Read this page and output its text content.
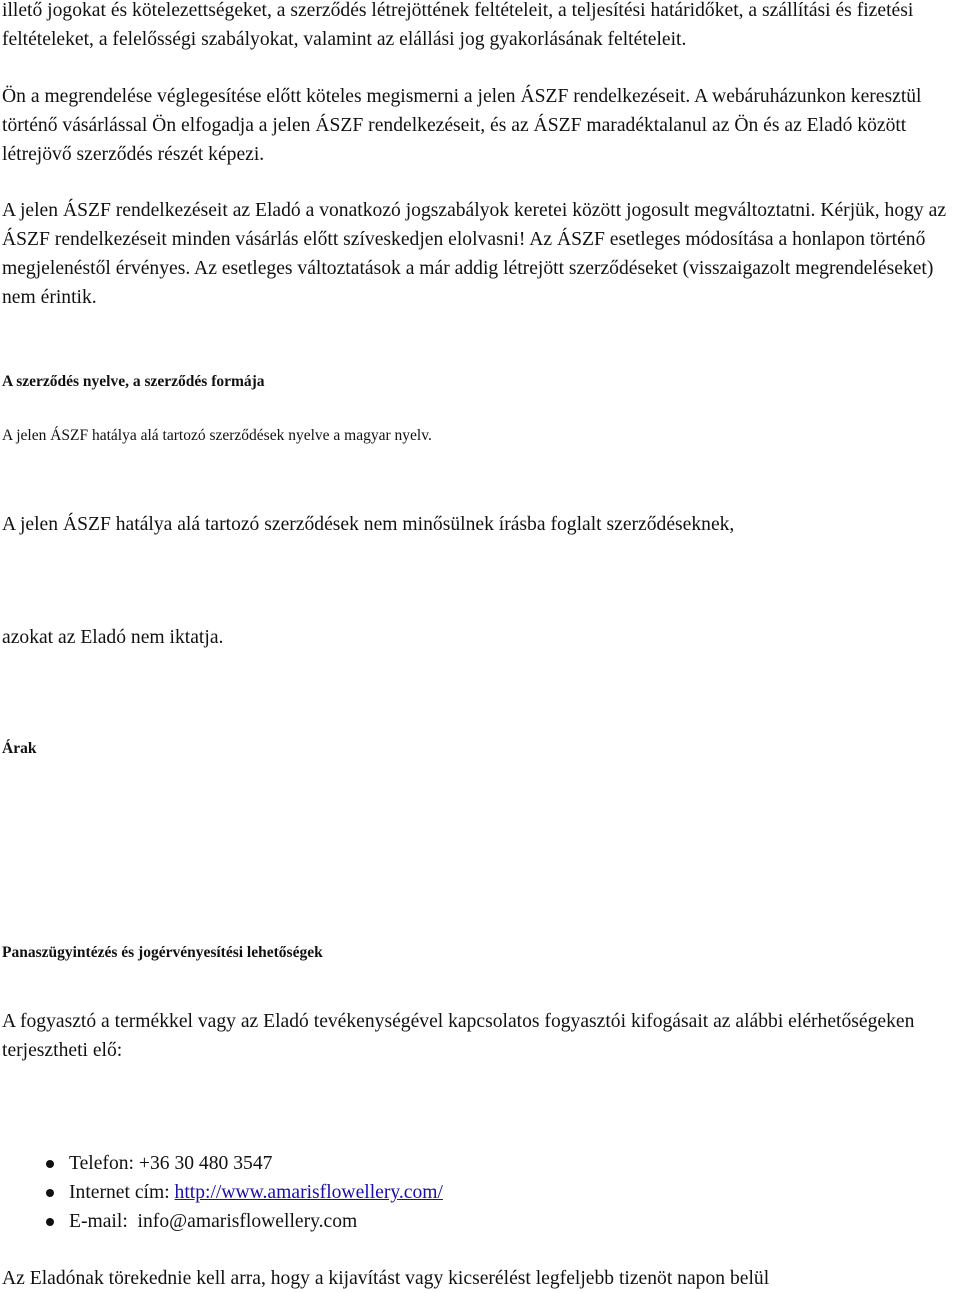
illető jogokat és kötelezettségeket, a szerződés létrejöttének feltételeit, a teljesítési határidőket, a szállítási és fizetési feltételeket, a felelősségi szabályokat, valamint az elállási jog gyakorlásának feltételeit.

Ön a megrendelése véglegesítése előtt köteles megismerni a jelen ÁSZF rendelkezéseit. A webáruházunkon keresztül történő vásárlással Ön elfogadja a jelen ÁSZF rendelkezéseit, és az ÁSZF maradéktalanul az Ön és az Eladó között létrejövő szerződés részét képezi.

A jelen ÁSZF rendelkezéseit az Eladó a vonatkozó jogszabályok keretei között jogosult megváltoztatni. Kérjük, hogy az ÁSZF rendelkezéseit minden vásárlás előtt szíveskedjen elolvasni! Az ÁSZF esetleges módosítása a honlapon történő megjelenéstől érvényes. Az esetleges változtatások a már addig létrejött szerződéseket (visszaigazolt megrendeléseket) nem érintik.

A szerződés nyelve, a szerződés formája

A jelen ÁSZF hatálya alá tartozó szerződések nyelve a magyar nyelv.

A jelen ÁSZF hatálya alá tartozó szerződések nem minősülnek írásba foglalt szerződéseknek,

azokat az Eladó nem iktatja.

Árak
Panaszügyintézés és jogérvényesítési lehetőségek

A fogyasztó a termékkel vagy az Eladó tevékenységével kapcsolatos fogyasztói kifogásait az alábbi elérhetőségeken terjesztheti elő:

Telefon: +36 30 480 3547
Internet cím: http://www.amarisflowellery.com/
E-mail:  info@amarisflowellery.com

Az Eladónak törekednie kell arra, hogy a kijavítást vagy kicserélést legfeljebb tizenöt napon belül
